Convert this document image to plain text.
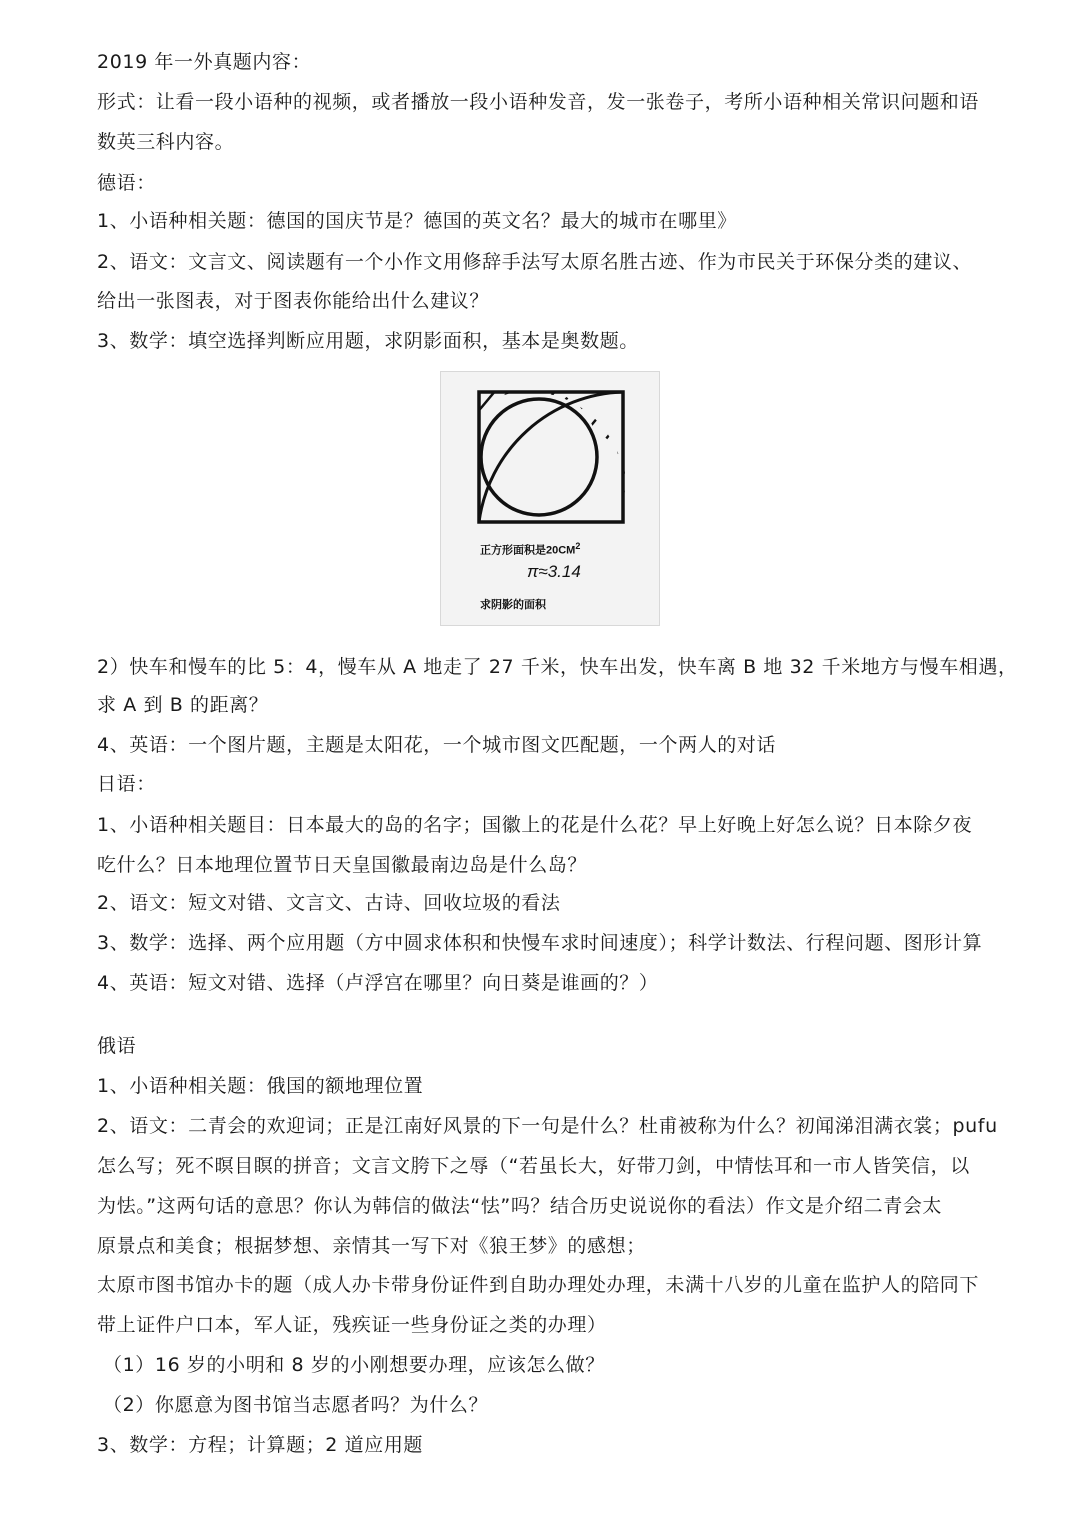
2019 年一外真题内容：
形式：让看一段小语种的视频，或者播放一段小语种发音，发一张卷子，考所小语种相关常识问题和语
数英三科内容。
德语：
1、小语种相关题：德国的国庆节是？德国的英文名？最大的城市在哪里》
2、语文：文言文、阅读题有一个小作文用修辞手法写太原名胜古迹、作为市民关于环保分类的建议、
给出一张图表，对于图表你能给出什么建议？
3、数学：填空选择判断应用题，求阴影面积，基本是奥数题。
正方形面积是$20CM^2$
π≈3.14
求阴影的面积
2）快车和慢车的比 5：4，慢车从 A 地走了 27 千米，快车出发，快车离 B 地 32 千米地方与慢车相遇，
求 A 到 B 的距离？
4、英语：一个图片题，主题是太阳花，一个城市图文匹配题，一个两人的对话
日语：
1、小语种相关题目：日本最大的岛的名字；国徽上的花是什么花？早上好晚上好怎么说？日本除夕夜
吃什么？日本地理位置节日天皇国徽最南边岛是什么岛？
2、语文：短文对错、文言文、古诗、回收垃圾的看法
3、数学：选择、两个应用题（方中圆求体积和快慢车求时间速度）；科学计数法、行程问题、图形计算
4、英语：短文对错、选择（卢浮宫在哪里？向日葵是谁画的？）
俄语
1、小语种相关题：俄国的额地理位置
2、语文：二青会的欢迎词；正是江南好风景的下一句是什么？杜甫被称为什么？初闻涕泪满衣裳；pufu
怎么写；死不暝目瞑的拼音；文言文胯下之辱（“若虽长大，好带刀剑，中情怯耳和一市人皆笑信，以
为怯。”这两句话的意思？你认为韩信的做法“怯”吗？结合历史说说你的看法）作文是介绍二青会太
原景点和美食；根据梦想、亲情其一写下对《狼王梦》的感想；
太原市图书馆办卡的题（成人办卡带身份证件到自助办理处办理，未满十八岁的儿童在监护人的陪同下
带上证件户口本，军人证，残疾证一些身份证之类的办理）
（1）16 岁的小明和 8 岁的小刚想要办理，应该怎么做？
（2）你愿意为图书馆当志愿者吗？为什么？
3、数学：方程；计算题；2 道应用题
